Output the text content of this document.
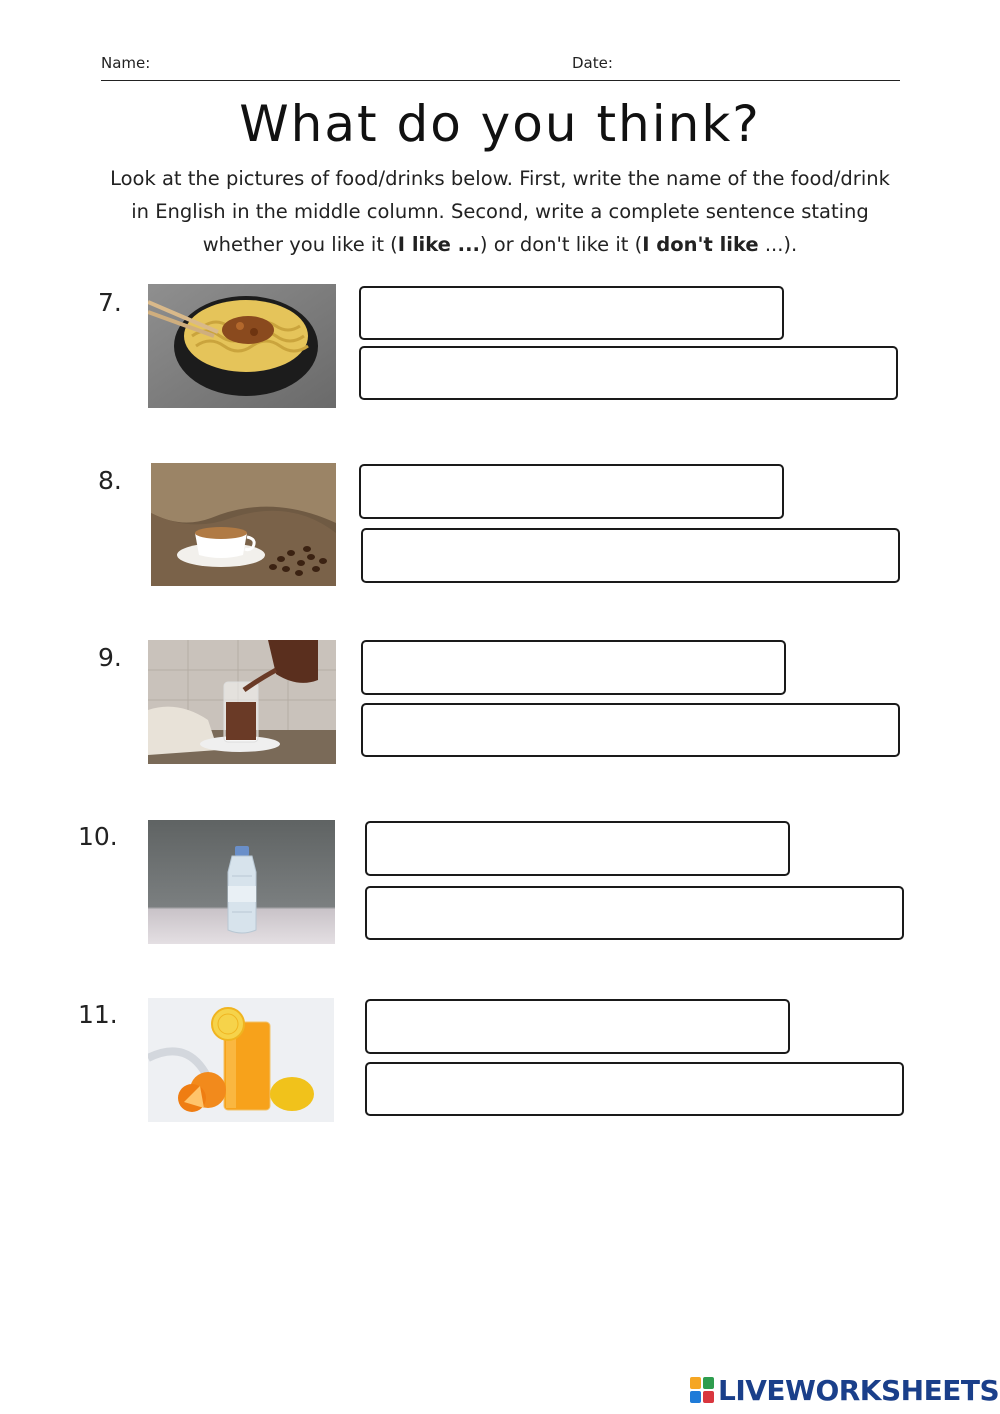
Name:	Date:
What do you think?
Look at the pictures of food/drinks below. First, write the name of the food/drink
in English in the middle column. Second, write a complete sentence stating
whether you like it (I like ...) or don't like it (I don't like ...).
7.
8.
9.
10.
11.
LIVEWORKSHEETS
